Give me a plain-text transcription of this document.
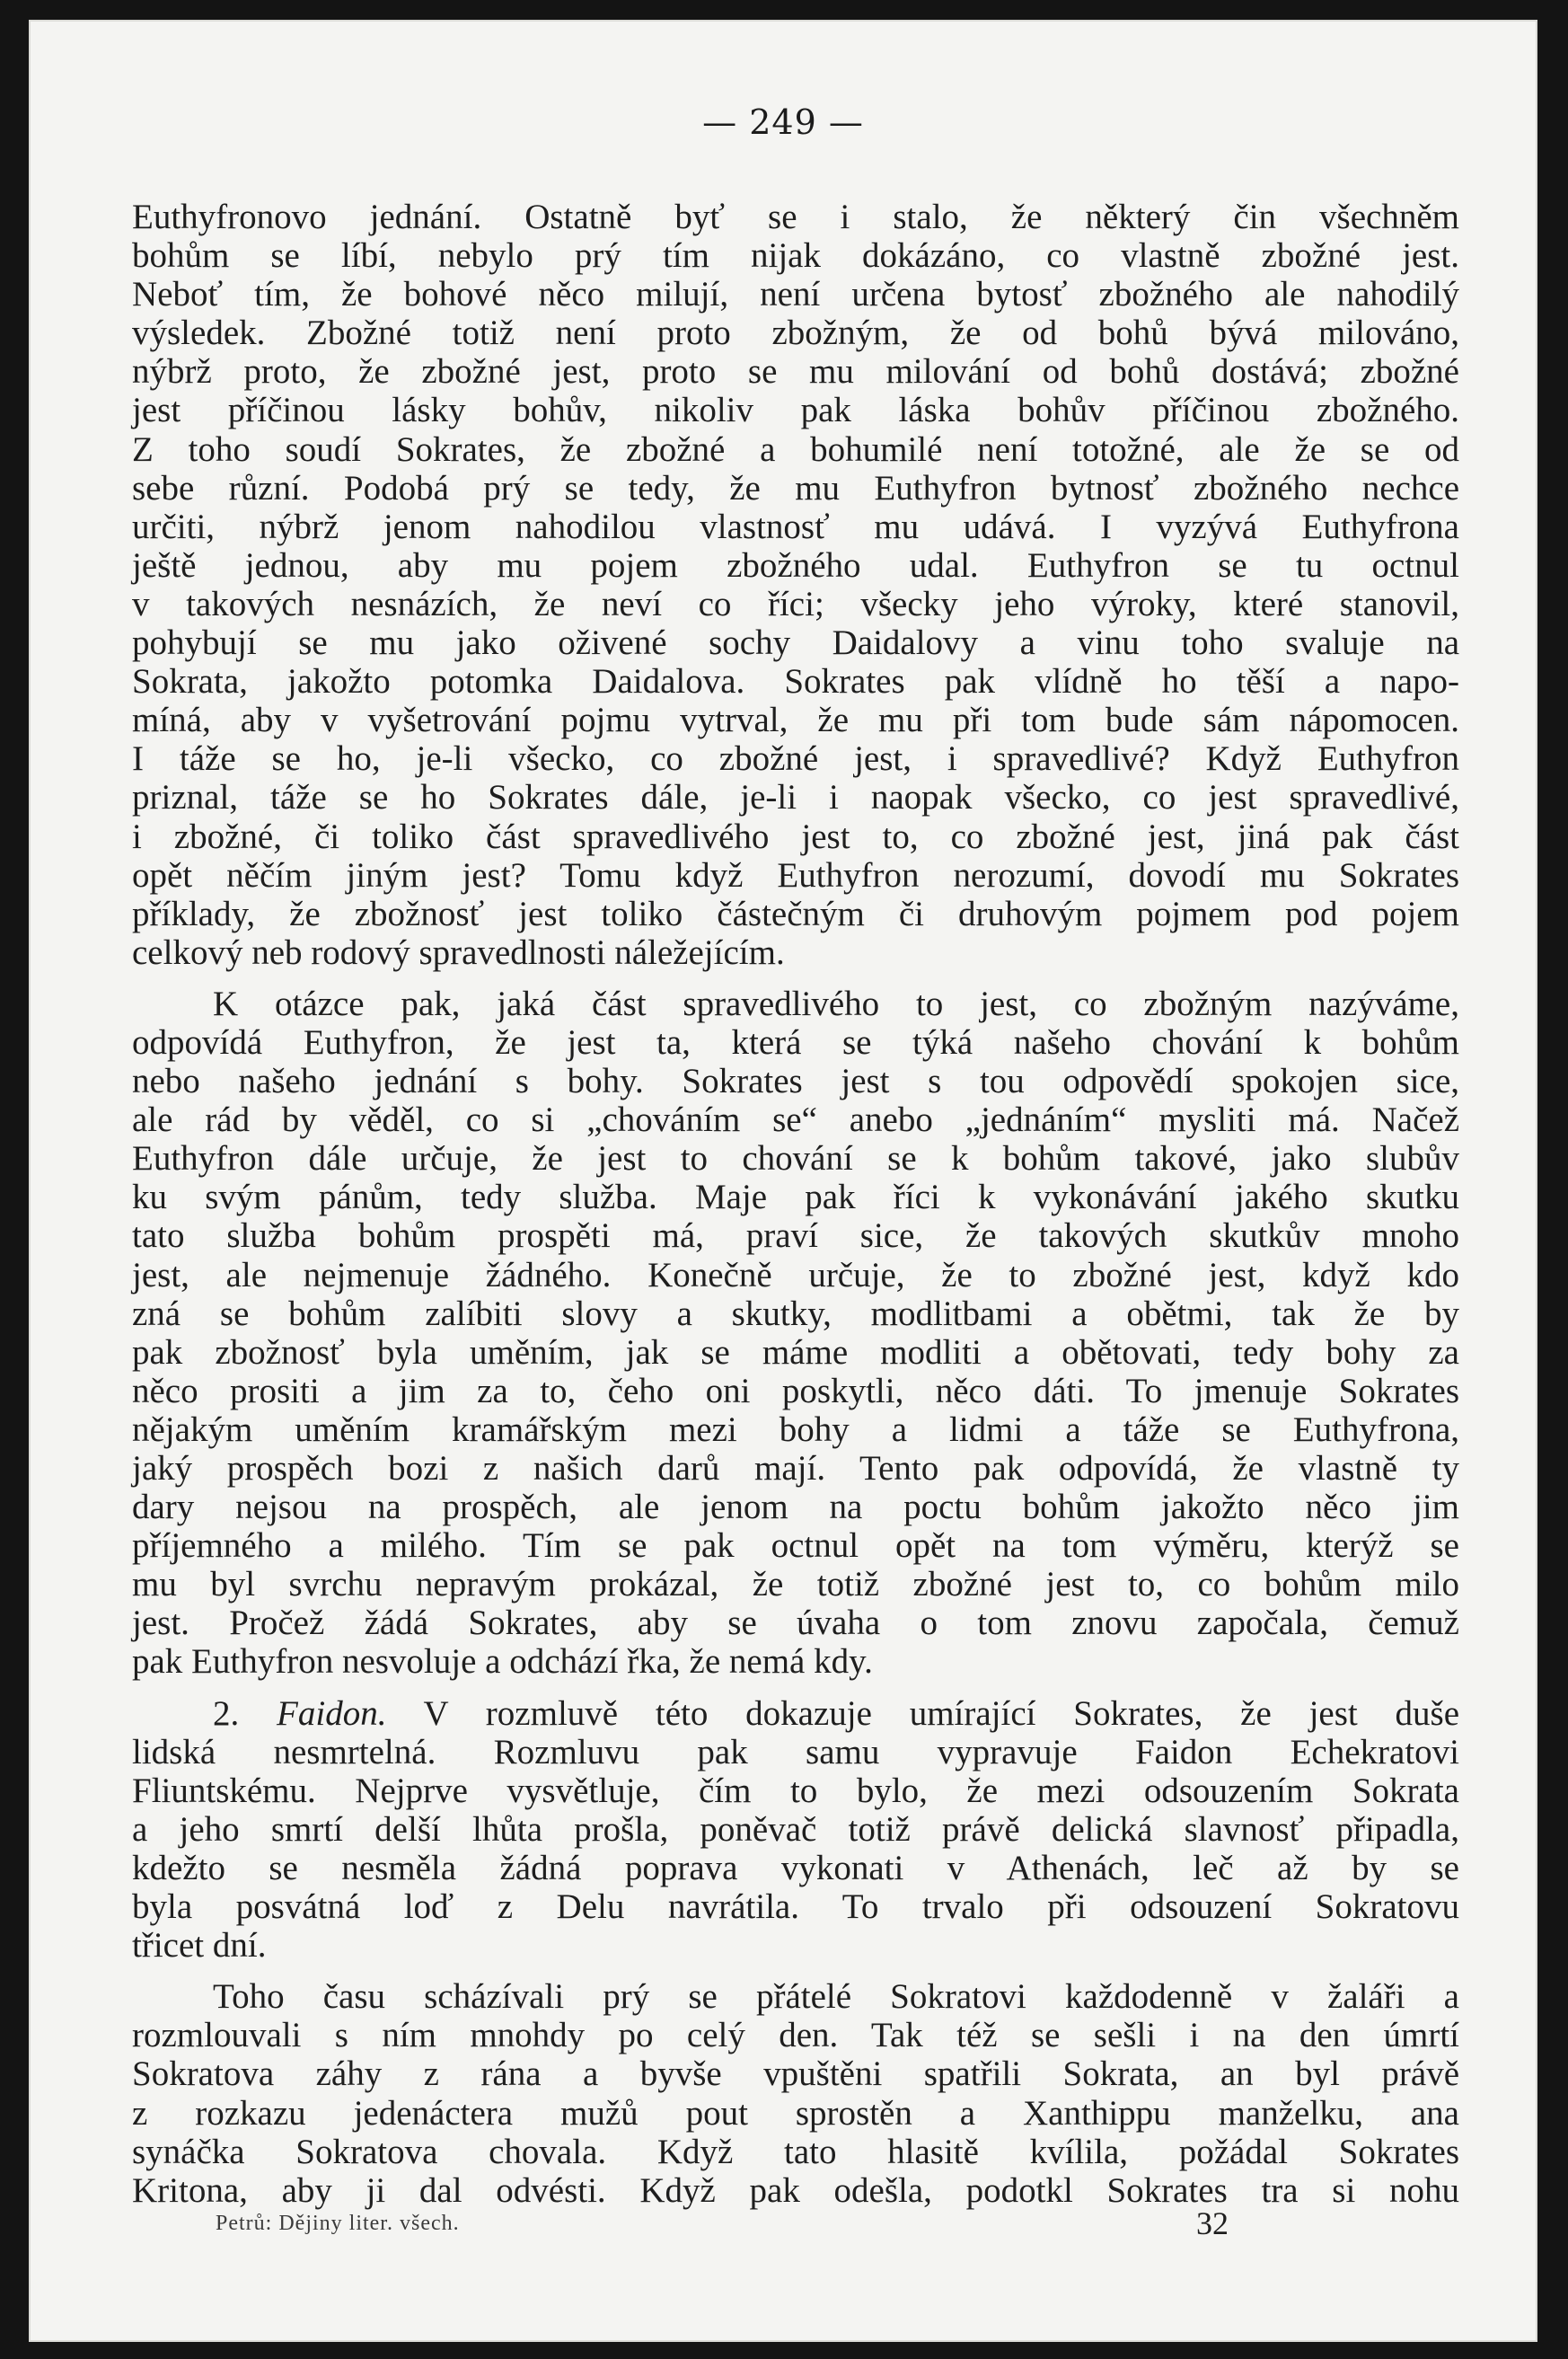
— 249 —
Euthyfronovo jednání. Ostatně byť se i stalo, že některý čin všechněm
bohům se líbí, nebylo prý tím nijak dokázáno, co vlastně zbožné jest.
Neboť tím, že bohové něco milují, není určena bytosť zbožného ale nahodilý
výsledek. Zbožné totiž není proto zbožným, že od bohů bývá milováno,
nýbrž proto, že zbožné jest, proto se mu milování od bohů dostává; zbožné
jest příčinou lásky bohův, nikoliv pak láska bohův příčinou zbožného.
Z toho soudí Sokrates, že zbožné a bohumilé není totožné, ale že se od
sebe různí. Podobá prý se tedy, že mu Euthyfron bytnosť zbožného nechce
určiti, nýbrž jenom nahodilou vlastnosť mu udává. I vyzývá Euthyfrona
ještě jednou, aby mu pojem zbožného udal. Euthyfron se tu octnul
v takových nesnázích, že neví co říci; všecky jeho výroky, které stanovil,
pohybují se mu jako oživené sochy Daidalovy a vinu toho svaluje na
Sokrata, jakožto potomka Daidalova. Sokrates pak vlídně ho těší a napo-
míná, aby v vyšetrování pojmu vytrval, že mu při tom bude sám nápomocen.
I táže se ho, je-li všecko, co zbožné jest, i spravedlivé? Když Euthyfron
priznal, táže se ho Sokrates dále, je-li i naopak všecko, co jest spravedlivé,
i zbožné, či toliko část spravedlivého jest to, co zbožné jest, jiná pak část
opět něčím jiným jest? Tomu když Euthyfron nerozumí, dovodí mu Sokrates
příklady, že zbožnosť jest toliko částečným či druhovým pojmem pod pojem
celkový neb rodový spravedlnosti náležejícím.
K otázce pak, jaká část spravedlivého to jest, co zbožným nazýváme,
odpovídá Euthyfron, že jest ta, která se týká našeho chování k bohům
nebo našeho jednání s bohy. Sokrates jest s tou odpovědí spokojen sice,
ale rád by věděl, co si „chováním se“ anebo „jednáním“ mysliti má. Načež
Euthyfron dále určuje, že jest to chování se k bohům takové, jako slubův
ku svým pánům, tedy služba. Maje pak říci k vykonávání jakého skutku
tato služba bohům prospěti má, praví sice, že takových skutkův mnoho
jest, ale nejmenuje žádného. Konečně určuje, že to zbožné jest, když kdo
zná se bohům zalíbiti slovy a skutky, modlitbami a obětmi, tak že by
pak zbožnosť byla uměním, jak se máme modliti a obětovati, tedy bohy za
něco prositi a jim za to, čeho oni poskytli, něco dáti. To jmenuje Sokrates
nějakým uměním kramářským mezi bohy a lidmi a táže se Euthyfrona,
jaký prospěch bozi z našich darů mají. Tento pak odpovídá, že vlastně ty
dary nejsou na prospěch, ale jenom na poctu bohům jakožto něco jim
příjemného a milého. Tím se pak octnul opět na tom výměru, kterýž se
mu byl svrchu nepravým prokázal, že totiž zbožné jest to, co bohům milo
jest. Pročež žádá Sokrates, aby se úvaha o tom znovu započala, čemuž
pak Euthyfron nesvoluje a odchází řka, že nemá kdy.
2. Faidon. V rozmluvě této dokazuje umírající Sokrates, že jest duše
lidská nesmrtelná. Rozmluvu pak samu vypravuje Faidon Echekratovi
Fliuntskému. Nejprve vysvětluje, čím to bylo, že mezi odsouzením Sokrata
a jeho smrtí delší lhůta prošla, poněvač totiž právě delická slavnosť připadla,
kdežto se nesměla žádná poprava vykonati v Athenách, leč až by se
byla posvátná loď z Delu navrátila. To trvalo při odsouzení Sokratovu
třicet dní.
Toho času scházívali prý se přátelé Sokratovi každodenně v žaláři a
rozmlouvali s ním mnohdy po celý den. Tak též se sešli i na den úmrtí
Sokratova záhy z rána a byvše vpuštěni spatřili Sokrata, an byl právě
z rozkazu jedenáctera mužů pout sprostěn a Xanthippu manželku, ana
synáčka Sokratova chovala. Když tato hlasitě kvílila, požádal Sokrates
Kritona, aby ji dal odvésti. Když pak odešla, podotkl Sokrates tra si nohu
Petrů: Dějiny liter. všech.	32
